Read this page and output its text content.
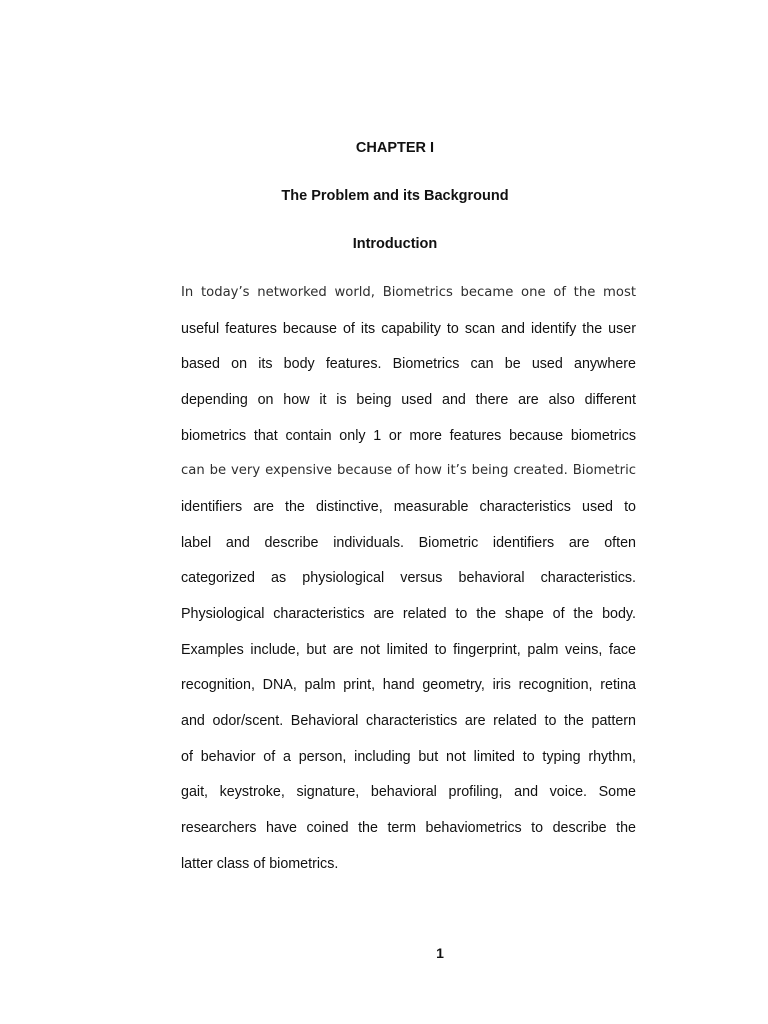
CHAPTER I
The Problem and its Background
Introduction
In today’s networked world, Biometrics became one of the most
useful features because of its capability to scan and identify the user
based on its body features. Biometrics can be used anywhere
depending on how it is being used and there are also different
biometrics that contain only 1 or more features because biometrics
can be very expensive because of how it’s being created. Biometric
identifiers are the distinctive, measurable characteristics used to
label and describe individuals. Biometric identifiers are often
categorized as physiological versus behavioral characteristics.
Physiological characteristics are related to the shape of the body.
Examples include, but are not limited to fingerprint, palm veins, face
recognition, DNA, palm print, hand geometry, iris recognition, retina
and odor/scent. Behavioral characteristics are related to the pattern
of behavior of a person, including but not limited to typing rhythm,
gait, keystroke, signature, behavioral profiling, and voice. Some
researchers have coined the term behaviometrics to describe the
latter class of biometrics.
1
